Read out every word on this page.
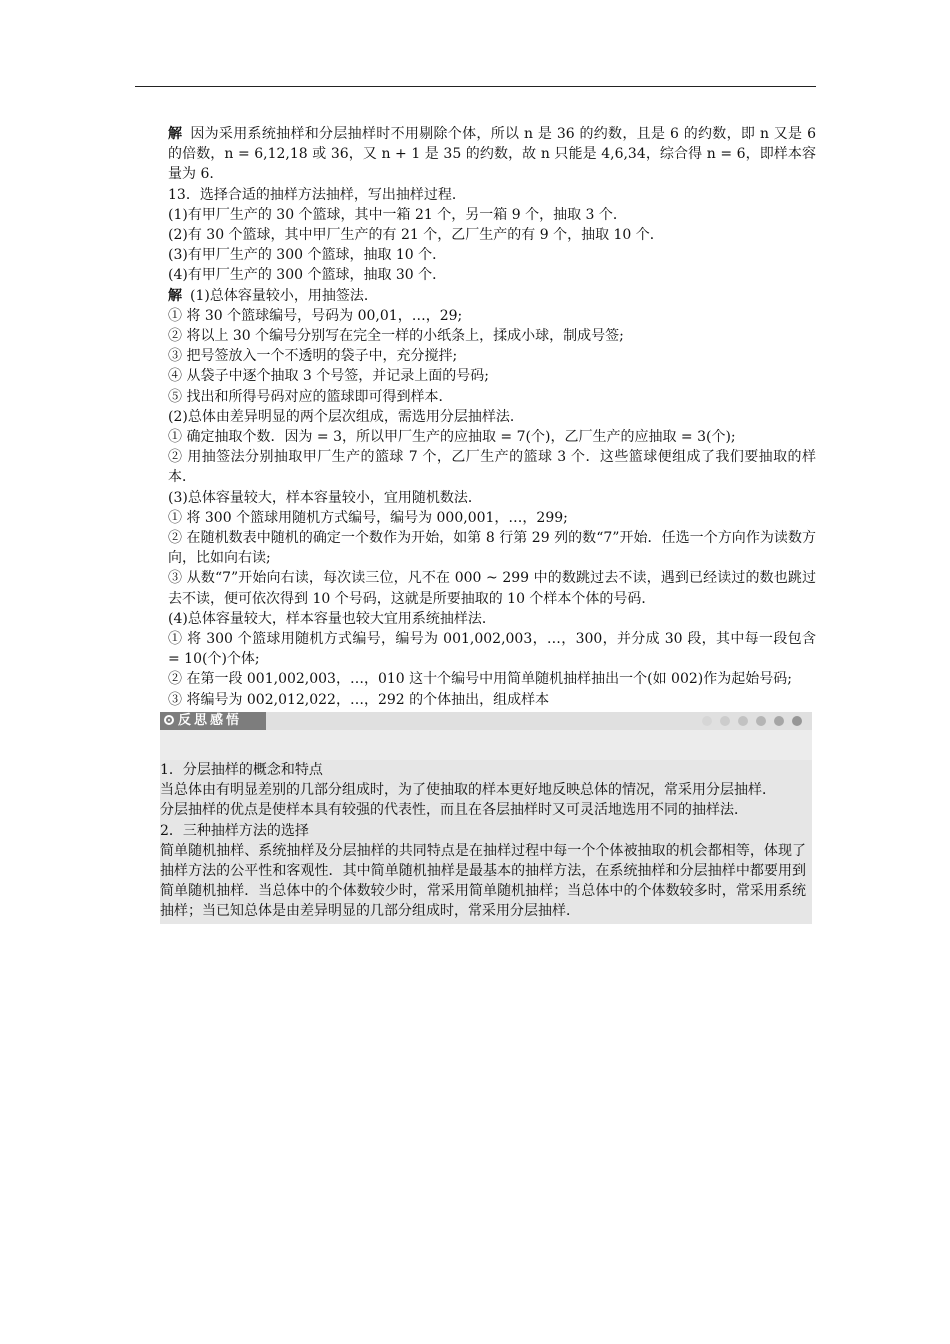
解 因为采用系统抽样和分层抽样时不用剔除个体，所以 n 是 36 的约数，且是 6 的约数，即 n 又是 6 的倍数，n = 6,12,18 或 36，又 n + 1 是 35 的约数，故 n 只能是 4,6,34，综合得 n = 6，即样本容量为 6.

13．选择合适的抽样方法抽样，写出抽样过程．

(1)有甲厂生产的 30 个篮球，其中一箱 21 个，另一箱 9 个，抽取 3 个．

(2)有 30 个篮球，其中甲厂生产的有 21 个，乙厂生产的有 9 个，抽取 10 个．

(3)有甲厂生产的 300 个篮球，抽取 10 个．

(4)有甲厂生产的 300 个篮球，抽取 30 个．

解 (1)总体容量较小，用抽签法．

① 将 30 个篮球编号，号码为 00,01，…，29;

② 将以上 30 个编号分别写在完全一样的小纸条上，揉成小球，制成号签;

③ 把号签放入一个不透明的袋子中，充分搅拌;

④ 从袋子中逐个抽取 3 个号签，并记录上面的号码;

⑤ 找出和所得号码对应的篮球即可得到样本．

(2)总体由差异明显的两个层次组成，需选用分层抽样法．

① 确定抽取个数．因为 = 3，所以甲厂生产的应抽取 = 7(个)，乙厂生产的应抽取 = 3(个);

② 用抽签法分别抽取甲厂生产的篮球 7 个，乙厂生产的篮球 3 个．这些篮球便组成了我们要抽取的样本．

(3)总体容量较大，样本容量较小，宜用随机数法．

① 将 300 个篮球用随机方式编号，编号为 000,001，…，299;

② 在随机数表中随机的确定一个数作为开始，如第 8 行第 29 列的数“7”开始．任选一个方向作为读数方向，比如向右读;

③ 从数“7”开始向右读，每次读三位，凡不在 000 ~ 299 中的数跳过去不读，遇到已经读过的数也跳过去不读，便可依次得到 10 个号码，这就是所要抽取的 10 个样本个体的号码．

(4)总体容量较大，样本容量也较大宜用系统抽样法．

① 将 300 个篮球用随机方式编号，编号为 001,002,003，…，300，并分成 30 段，其中每一段包含 = 10(个)个体;

② 在第一段 001,002,003，…，010 这十个编号中用简单随机抽样抽出一个(如 002)作为起始号码;

③ 将编号为 002,012,022，…，292 的个体抽出，组成样本

反思感悟

1．分层抽样的概念和特点

当总体由有明显差别的几部分组成时，为了使抽取的样本更好地反映总体的情况，常采用分层抽样．

分层抽样的优点是使样本具有较强的代表性，而且在各层抽样时又可灵活地选用不同的抽样法．

2．三种抽样方法的选择

简单随机抽样、系统抽样及分层抽样的共同特点是在抽样过程中每一个个体被抽取的机会都相等，体现了抽样方法的公平性和客观性．其中简单随机抽样是最基本的抽样方法，在系统抽样和分层抽样中都要用到简单随机抽样．当总体中的个体数较少时，常采用简单随机抽样；当总体中的个体数较多时，常采用系统抽样；当已知总体是由差异明显的几部分组成时，常采用分层抽样．
